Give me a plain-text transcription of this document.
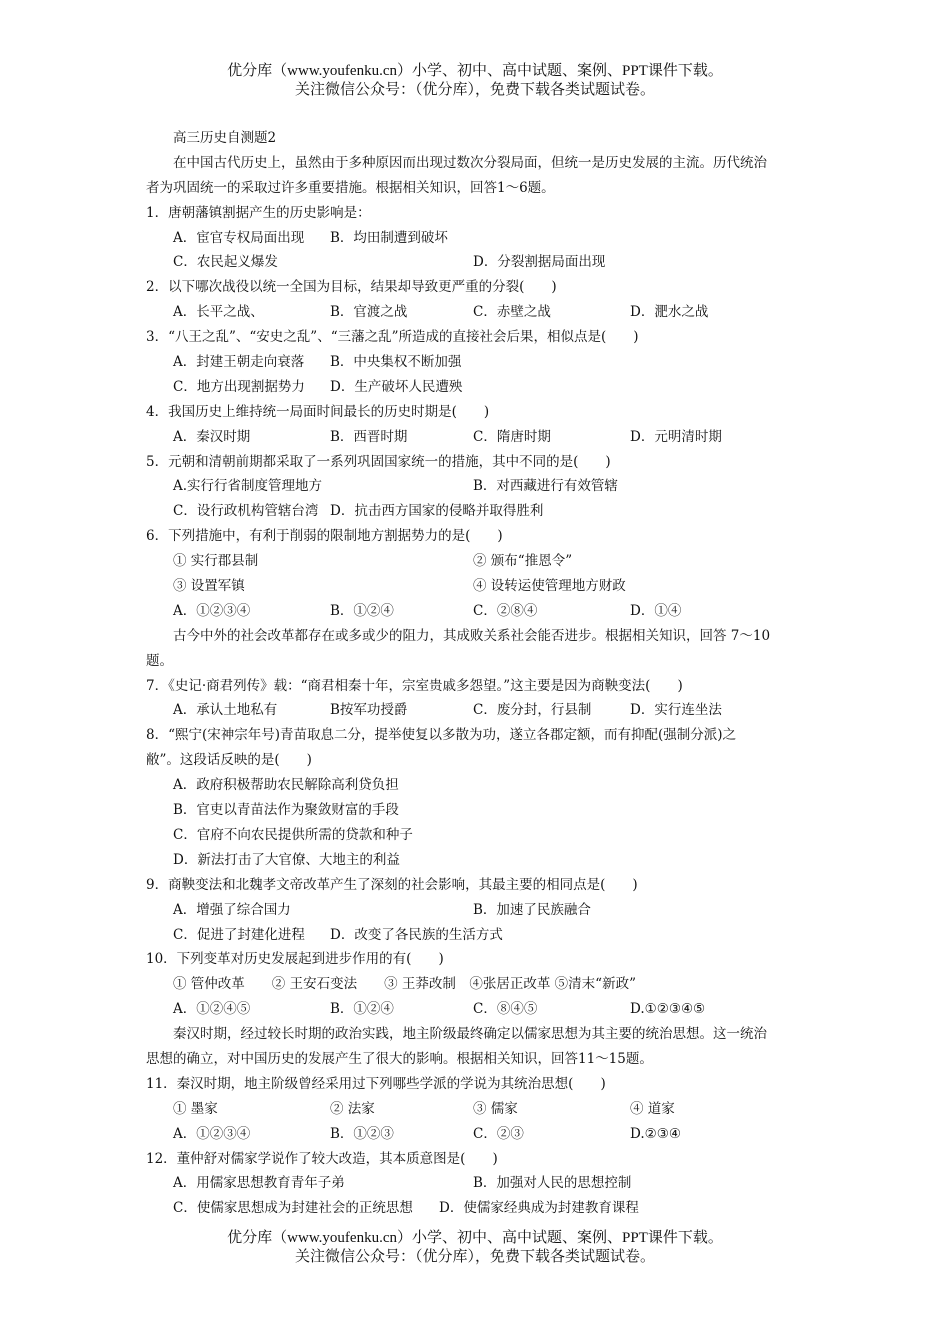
优分库（www.youfenku.cn）小学、初中、高中试题、案例、PPT课件下载。
关注微信公众号：（优分库），免费下载各类试题试卷。
高三历史自测题2
在中国古代历史上，虽然由于多种原因而出现过数次分裂局面，但统一是历史发展的主流。历代统治
者为巩固统一的采取过许多重要措施。根据相关知识，回答1～6题。
1．唐朝藩镇割据产生的历史影响是：
A．宦官专权局面出现 B．均田制遭到破坏
C．农民起义爆发	D．分裂割据局面出现
2．以下哪次战役以统一全国为目标，结果却导致更严重的分裂(　　)
A．长平之战、	B．官渡之战	C．赤壁之战	D．淝水之战
3．“八王之乱”、“安史之乱”、“三藩之乱”所造成的直接社会后果，相似点是(　　)
A．封建王朝走向衰落 B．中央集权不断加强
C．地方出现割据势力 D．生产破坏人民遭殃
4．我国历史上维持统一局面时间最长的历史时期是(　　)
A．秦汉时期	B．西晋时期	C．隋唐时期	D．元明清时期
5．元朝和清朝前期都采取了一系列巩固国家统一的措施，其中不同的是(　　)
A.实行行省制度管理地方	B．对西藏进行有效管辖
C．设行政机构管辖台湾 D．抗击西方国家的侵略并取得胜利
6．下列措施中，有利于削弱的限制地方割据势力的是(　　)
① 实行郡县制	② 颁布“推恩令”
③ 设置军镇	④ 设转运使管理地方财政
A．①②③④	B．①②④	C．②⑧④	D．①④
古今中外的社会改革都存在或多或少的阻力，其成败关系社会能否进步。根据相关知识，回答 7～10
题。
7．《史记·商君列传》载：“商君相秦十年，宗室贵戚多怨望。”这主要是因为商鞅变法(　　)
A．承认土地私有	B按军功授爵	C．废分封，行县制	D．实行连坐法
8．“熙宁(宋神宗年号)青苗取息二分，提举使复以多散为功，遂立各郡定额，而有抑配(强制分派)之
敝”。这段话反映的是(　　)
A．政府积极帮助农民解除高利贷负担
B．官吏以青苗法作为聚敛财富的手段
C．官府不向农民提供所需的贷款和种子
D．新法打击了大官僚、大地主的利益
9．商鞅变法和北魏孝文帝改革产生了深刻的社会影响，其最主要的相同点是(　　)
A．增强了综合国力	B．加速了民族融合
C．促进了封建化进程 D．改变了各民族的生活方式
10．下列变革对历史发展起到进步作用的有(　　)
① 管仲改革　　② 王安石变法　　③ 王莽改制　④张居正改革 ⑤清末“新政”
A．①②④⑤	B．①②④	C．⑧④⑤	D.①②③④⑤
秦汉时期，经过较长时期的政治实践，地主阶级最终确定以儒家思想为其主要的统治思想。这一统治
思想的确立，对中国历史的发展产生了很大的影响。根据相关知识，回答11～15题。
11．秦汉时期，地主阶级曾经采用过下列哪些学派的学说为其统治思想(　　)
① 墨家	② 法家	③ 儒家	④ 道家
A．①②③④	B．①②③	C．②③	D.②③④
12．董仲舒对儒家学说作了较大改造，其本质意图是(　　)
A．用儒家思想教育青年子弟	B．加强对人民的思想控制
C．使儒家思想成为封建社会的正统思想 D．使儒家经典成为封建教育课程
优分库（www.youfenku.cn）小学、初中、高中试题、案例、PPT课件下载。
关注微信公众号：（优分库），免费下载各类试题试卷。
